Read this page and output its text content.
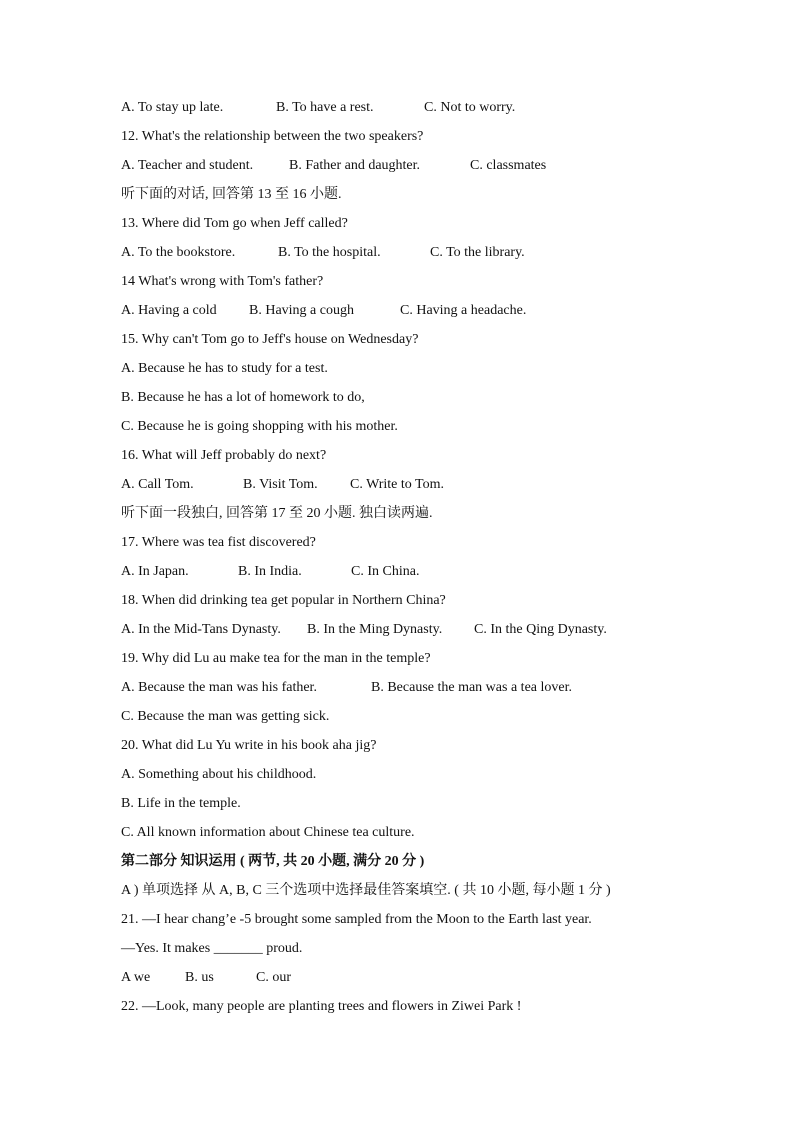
A. To stay up late.	B. To have a rest.	C. Not to worry.
12. What's the relationship between the two speakers?
A. Teacher and student.	B. Father and daughter.	C. classmates
听下面的对话, 回答第 13 至 16 小题.
13. Where did Tom go when Jeff called?
A. To the bookstore.	B. To the hospital.	C. To the library.
14 What's wrong with Tom's father?
A. Having a cold B. Having a cough	C. Having a headache.
15. Why can't Tom go to Jeff's house on Wednesday?
A. Because he has to study for a test.
B. Because he has a lot of homework to do,
C. Because he is going shopping with his mother.
16. What will Jeff probably do next?
A. Call Tom.	B. Visit Tom. C. Write to Tom.
听下面一段独白, 回答第 17 至 20 小题. 独白读两遍.
17. Where was tea fist discovered?
A. In Japan.	B. In India.	C. In China.
18. When did drinking tea get popular in Northern China?
A. In the Mid-Tans Dynasty. B. In the Ming Dynasty. C. In the Qing Dynasty.
19. Why did Lu au make tea for the man in the temple?
A. Because the man was his father.	B. Because the man was a tea lover.
C. Because the man was getting sick.
20. What did Lu Yu write in his book aha jig?
A. Something about his childhood.
B. Life in the temple.
C. All known information about Chinese tea culture.
第二部分 知识运用 ( 两节, 共 20 小题, 满分 20 分 )
A ) 单项选择 从 A, B, C 三个选项中选择最佳答案填空. ( 共 10 小题, 每小题 1 分 )
21. —I hear chang’e -5 brought some sampled from the Moon to the Earth last year.
—Yes. It makes _______ proud.
A we B. us	C. our
22. —Look, many people are planting trees and flowers in Ziwei Park !
